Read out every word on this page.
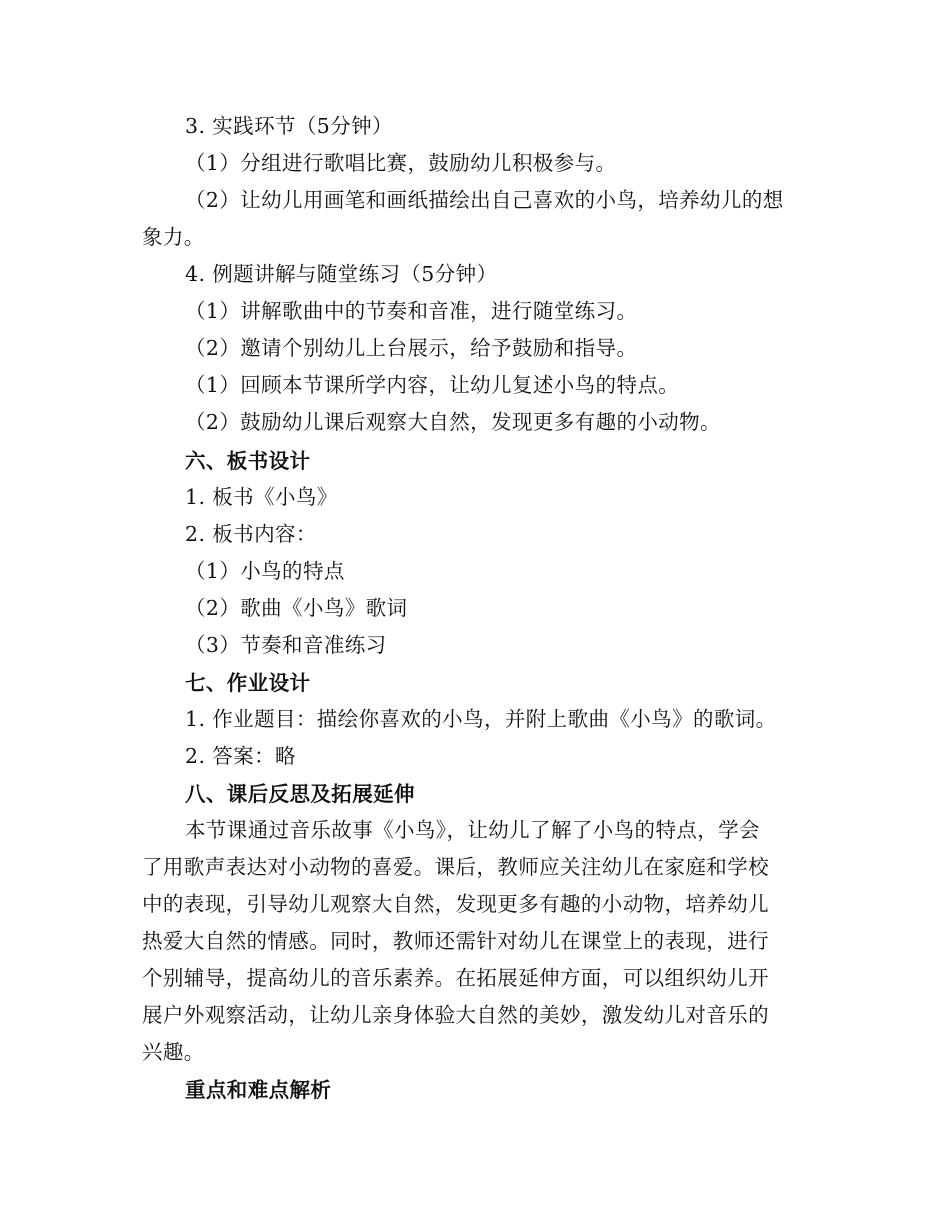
3. 实践环节（5分钟）
（1）分组进行歌唱比赛，鼓励幼儿积极参与。
（2）让幼儿用画笔和画纸描绘出自己喜欢的小鸟，培养幼儿的想
象力。
4. 例题讲解与随堂练习（5分钟）
（1）讲解歌曲中的节奏和音准，进行随堂练习。
（2）邀请个别幼儿上台展示，给予鼓励和指导。
（1）回顾本节课所学内容，让幼儿复述小鸟的特点。
（2）鼓励幼儿课后观察大自然，发现更多有趣的小动物。
六、板书设计
1. 板书《小鸟》
2. 板书内容：
（1）小鸟的特点
（2）歌曲《小鸟》歌词
（3）节奏和音准练习
七、作业设计
1. 作业题目：描绘你喜欢的小鸟，并附上歌曲《小鸟》的歌词。
2. 答案：略
八、课后反思及拓展延伸
本节课通过音乐故事《小鸟》，让幼儿了解了小鸟的特点，学会
了用歌声表达对小动物的喜爱。课后，教师应关注幼儿在家庭和学校
中的表现，引导幼儿观察大自然，发现更多有趣的小动物，培养幼儿
热爱大自然的情感。同时，教师还需针对幼儿在课堂上的表现，进行
个别辅导，提高幼儿的音乐素养。在拓展延伸方面，可以组织幼儿开
展户外观察活动，让幼儿亲身体验大自然的美妙，激发幼儿对音乐的
兴趣。
重点和难点解析
